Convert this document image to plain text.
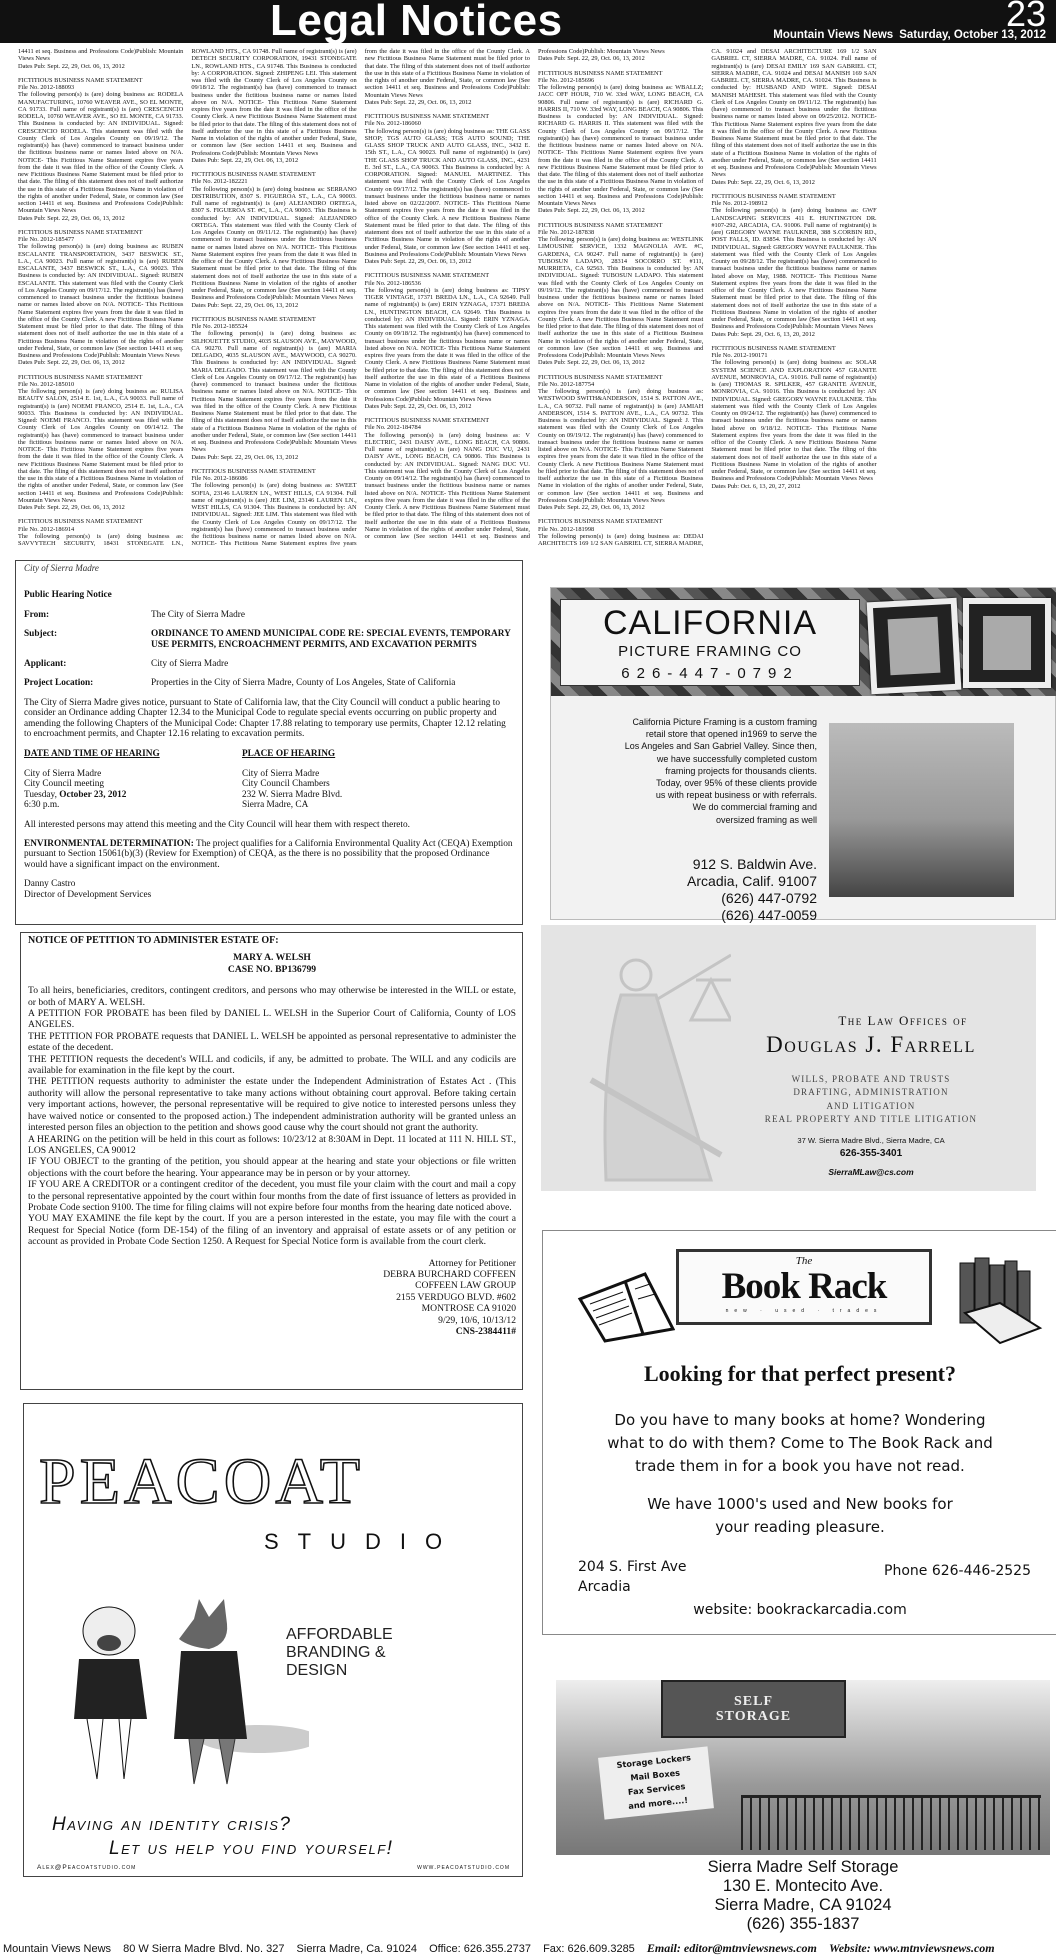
Legal Notices	23
Mountain Views News Saturday, October 13, 2012

14411 et seq. Business and Professions Code)Publish: Mountain Views News
Dates Pub: Sept. 22, 29, Oct. 06, 13, 2012

FICTITIOUS BUSINESS NAME STATEMENT
File No. 2012-188093
The following person(s) is (are) doing business as: RODELA MANUFACTURING, 10760 WEAVER AVE., SO EL MONTE, CA 91733. Full name of registrant(s) is (are) CRESCENCIO RODELA, 10760 WEAVER AVE., SO EL MONTE, CA 91733. This Business is conducted by: AN INDIVIDUAL. Signed: CRESCENCIO RODELA. This statement was filed with the County Clerk of Los Angeles County on 09/19/12. The registrant(s) has (have) commenced to transact business under the fictitious business name or names listed above on N/A. NOTICE- This Fictitious Name Statement expires five years from the date it was filed in the office of the County Clerk. A new Fictitious Business Name Statement must be filed prior to that date. The filing of this statement does not of itself authorize the use in this state of a Fictitious Business Name in violation of the rights of another under Federal, State, or common law (See section 14411 et seq. Business and Professions Code)Publish: Mountain Views News
Dates Pub: Sept. 22, 29, Oct. 06, 13, 2012

FICTITIOUS BUSINESS NAME STATEMENT
File No. 2012-185477
The following person(s) is (are) doing business as: RUBEN ESCALANTE TRANSPORTATION, 3437 BESWICK ST., L.A., CA 90023. Full name of registrant(s) is (are) RUBEN ESCALANTE, 3437 BESWICK ST., L.A., CA 90023. This Business is conducted by: AN INDIVIDUAL. Signed: RUBEN ESCALANTE. This statement was filed with the County Clerk of Los Angeles County on 09/17/12. The registrant(s) has (have) commenced to transact business under the fictitious business name or names listed above on N/A. NOTICE- This Fictitious Name Statement expires five years from the date it was filed in the office of the County Clerk. A new Fictitious Business Name Statement must be filed prior to that date. The filing of this statement does not of itself authorize the use in this state of a Fictitious Business Name in violation of the rights of another under Federal, State, or common law (See section 14411 et seq. Business and Professions Code)Publish: Mountain Views News
Dates Pub: Sept. 22, 29, Oct. 06, 13, 2012

FICTITIOUS BUSINESS NAME STATEMENT
File No. 2012-185010
The following person(s) is (are) doing business as: RULISA BEAUTY SALON, 2514 E. 1st, L.A., CA 90033. Full name of registrant(s) is (are) NOEMI FRANCO, 2514 E. 1st, L.A., CA 90033. This Business is conducted by: AN INDIVIDUAL. Signed: NOEMI FRANCO. This statement was filed with the County Clerk of Los Angeles County on 09/14/12. The registrant(s) has (have) commenced to transact business under the fictitious business name or names listed above on N/A. NOTICE- This Fictitious Name Statement expires five years from the date it was filed in the office of the County Clerk. A new Fictitious Business Name Statement must be filed prior to that date. The filing of this statement does not of itself authorize the use in this state of a Fictitious Business Name in violation of the rights of another under Federal, State, or common law (See section 14411 et seq. Business and Professions Code)Publish: Mountain Views News
Dates Pub: Sept. 22, 29, Oct. 06, 13, 2012

FICTITIOUS BUSINESS NAME STATEMENT
File No. 2012-186914
The following person(s) is (are) doing business as: SAVVYTECH SECURITY, 18431 STONEGATE LN., ROWLAND HTS., CA 91748. Full name of registrant(s) is (are) DETECH SECURITY CORPORATION, 19431 STONEGATE LN., ROWLAND HTS., CA 91748. This Business is conducted by: A CORPORATION. Signed: ZHIPENG LEI. This statement was filed with the County Clerk of Los Angeles County on 09/18/12. The registrant(s) has (have) commenced to transact business under the fictitious business name or names listed above on N/A. NOTICE- This Fictitious Name Statement expires five years from the date it was filed in the office of the County Clerk. A new Fictitious Business Name Statement must be filed prior to that date. The filing of this statement does not of itself authorize the use in this state of a Fictitious Business Name in violation of the rights of another under Federal, State, or common law (See section 14411 et seq. Business and Professions Code)Publish: Mountain Views News
Dates Pub: Sept. 22, 29, Oct. 06, 13, 2012

FICTITIOUS BUSINESS NAME STATEMENT
File No. 2012-182221
The following person(s) is (are) doing business as: SERRANO DISTRIBUTION, 8307 S. FIGUEROA ST., L.A., CA 90003. Full name of registrant(s) is (are) ALEJANDRO ORTEGA, 8307 S. FIGUEROA ST. #C, L.A., CA 90003. This Business is conducted by: AN INDIVIDUAL. Signed: ALEJANDRO ORTEGA. This statement was filed with the County Clerk of Los Angeles County on 09/11/12. The registrant(s) has (have) commenced to transact business under the fictitious business name or names listed above on N/A. NOTICE- This Fictitious Name Statement expires five years from the date it was filed in the office of the County Clerk. A new Fictitious Business Name Statement must be filed prior to that date. The filing of this statement does not of itself authorize the use in this state of a Fictitious Business Name in violation of the rights of another under Federal, State, or common law (See section 14411 et seq. Business and Professions Code)Publish: Mountain Views News
Dates Pub: Sept. 22, 29, Oct. 06, 13, 2012

FICTITIOUS BUSINESS NAME STATEMENT
File No. 2012-185524
The following person(s) is (are) doing business as: SILHOUETTE STUDIO, 4035 SLAUSON AVE., MAYWOOD, CA 90270. Full name of registrant(s) is (are) MARIA DELGADO, 4035 SLAUSON AVE., MAYWOOD, CA 90270. This Business is conducted by: AN INDIVIDUAL. Signed: MARIA DELGADO. This statement was filed with the County Clerk of Los Angeles County on 09/17/12. The registrant(s) has (have) commenced to transact business under the fictitious business name or names listed above on N/A. NOTICE- This Fictitious Name Statement expires five years from the date it was filed in the office of the County Clerk. A new Fictitious Business Name Statement must be filed prior to that date. The filing of this statement does not of itself authorize the use in this state of a Fictitious Business Name in violation of the rights of another under Federal, State, or common law (See section 14411 et seq. Business and Professions Code)Publish: Mountain Views News
Dates Pub: Sept. 22, 29, Oct. 06, 13, 2012

FICTITIOUS BUSINESS NAME STATEMENT
File No. 2012-186086
The following person(s) is (are) doing business as: SWEET SOFIA, 23146 LAUREN LN., WEST HILLS, CA 91304. Full name of registrant(s) is (are) JEE LIM, 23146 LAUREN LN., WEST HILLS, CA 91304. This Business is conducted by: AN INDIVIDUAL. Signed: JEE LIM. This statement was filed with the County Clerk of Los Angeles County on 09/17/12. The registrant(s) has (have) commenced to transact business under the fictitious business name or names listed above on N/A. NOTICE- This Fictitious Name Statement expires five years from the date it was filed in the office of the County Clerk. A new Fictitious Business Name Statement must be filed prior to that date. The filing of this statement does not of itself authorize the use in this state of a Fictitious Business Name in violation of the rights of another under Federal, State, or common law (See section 14411 et seq. Business and Professions Code)Publish: Mountain Views News
Dates Pub: Sept. 22, 29, Oct. 06, 13, 2012

FICTITIOUS BUSINESS NAME STATEMENT
File No. 2012-186060
The following person(s) is (are) doing business as: THE GLASS SHOP; TGS AUTO GLASS; TGS AUTO SOUND; THE GLASS SHOP TRUCK AND AUTO GLASS, INC., 3432 E. 15th ST., L.A., CA 90023. Full name of registrant(s) is (are) THE GLASS SHOP TRUCK AND AUTO GLASS, INC., 4231 E. 3rd ST., L.A., CA 90063. This Business is conducted by: A CORPORATION. Signed: MANUEL MARTINEZ. This statement was filed with the County Clerk of Los Angeles County on 09/17/12. The registrant(s) has (have) commenced to transact business under the fictitious business name or names listed above on 02/22/2007. NOTICE- This Fictitious Name Statement expires five years from the date it was filed in the office of the County Clerk. A new Fictitious Business Name Statement must be filed prior to that date. The filing of this statement does not of itself authorize the use in this state of a Fictitious Business Name in violation of the rights of another under Federal, State, or common law (See section 14411 et seq. Business and Professions Code)Publish: Mountain Views News
Dates Pub: Sept. 22, 29, Oct. 06, 13, 2012

FICTITIOUS BUSINESS NAME STATEMENT
File No. 2012-186536
The following person(s) is (are) doing business as: TIPSY TIGER VINTAGE, 17371 BREDA LN., L.A., CA 92649. Full name of registrant(s) is (are) ERIN YZNAGA, 17371 BREDA LN., HUNTINGTON BEACH, CA 92649. This Business is conducted by: AN INDIVIDUAL. Signed: ERIN YZNAGA. This statement was filed with the County Clerk of Los Angeles County on 09/18/12. The registrant(s) has (have) commenced to transact business under the fictitious business name or names listed above on N/A. NOTICE- This Fictitious Name Statement expires five years from the date it was filed in the office of the County Clerk. A new Fictitious Business Name Statement must be filed prior to that date. The filing of this statement does not of itself authorize the use in this state of a Fictitious Business Name in violation of the rights of another under Federal, State, or common law (See section 14411 et seq. Business and Professions Code)Publish: Mountain Views News
Dates Pub: Sept. 22, 29, Oct. 06, 13, 2012

FICTITIOUS BUSINESS NAME STATEMENT
File No. 2012-184784
The following person(s) is (are) doing business as: V ELECTRIC, 2431 DAISY AVE., LONG BEACH, CA 90806. Full name of registrant(s) is (are) NANG DUC VU, 2431 DAISY AVE., LONG BEACH, CA 90806. This Business is conducted by: AN INDIVIDUAL. Signed: NANG DUC VU. This statement was filed with the County Clerk of Los Angeles County on 09/14/12. The registrant(s) has (have) commenced to transact business under the fictitious business name or names listed above on N/A. NOTICE- This Fictitious Name Statement expires five years from the date it was filed in the office of the County Clerk. A new Fictitious Business Name Statement must be filed prior to that date. The filing of this statement does not of itself authorize the use in this state of a Fictitious Business Name in violation of the rights of another under Federal, State, or common law (See section 14411 et seq. Business and Professions Code)Publish: Mountain Views News
Dates Pub: Sept. 22, 29, Oct. 06, 13, 2012

FICTITIOUS BUSINESS NAME STATEMENT
File No. 2012-185696
The following person(s) is (are) doing business as: WBALLZ; JACC OFF HOUR, 710 W. 33rd WAY, LONG BEACH, CA 90806. Full name of registrant(s) is (are) RICHARD G. HARRIS II, 710 W. 33rd WAY, LONG BEACH, CA 90806. This Business is conducted by: AN INDIVIDUAL. Signed: RICHARD G. HARRIS II. This statement was filed with the County Clerk of Los Angeles County on 09/17/12. The registrant(s) has (have) commenced to transact business under the fictitious business name or names listed above on N/A. NOTICE- This Fictitious Name Statement expires five years from the date it was filed in the office of the County Clerk. A new Fictitious Business Name Statement must be filed prior to that date. The filing of this statement does not of itself authorize the use in this state of a Fictitious Business Name in violation of the rights of another under Federal, State, or common law (See section 14411 et seq. Business and Professions Code)Publish: Mountain Views News
Dates Pub: Sept. 22, 29, Oct. 06, 13, 2012

FICTITIOUS BUSINESS NAME STATEMENT
File No. 2012-187838
The following person(s) is (are) doing business as: WESTLINK LIMOUSINE SERVICE, 1332 MAGNOLIA AVE. #C, GARDENA, CA 90247. Full name of registrant(s) is (are) TUBOSUN LADAPO, 28314 SOCORRO ST. #111, MURRIETA, CA 92563. This Business is conducted by: AN INDIVIDUAL. Signed: TUBOSUN LADAPO. This statement was filed with the County Clerk of Los Angeles County on 09/19/12. The registrant(s) has (have) commenced to transact business under the fictitious business name or names listed above on N/A. NOTICE- This Fictitious Name Statement expires five years from the date it was filed in the office of the County Clerk. A new Fictitious Business Name Statement must be filed prior to that date. The filing of this statement does not of itself authorize the use in this state of a Fictitious Business Name in violation of the rights of another under Federal, State, or common law (See section 14411 et seq. Business and Professions Code)Publish: Mountain Views News
Dates Pub: Sept. 22, 29, Oct. 06, 13, 2012

FICTITIOUS BUSINESS NAME STATEMENT
File No. 2012-187754
The following person(s) is (are) doing business as: WESTWOOD SWITH&ANDERSON, 1514 S. PATTON AVE., L.A., CA 90732. Full name of registrant(s) is (are) JAMIAH ANDERSON, 1514 S. PATTON AVE., L.A., CA 90732. This Business is conducted by: AN INDIVIDUAL. Signed: J. This statement was filed with the County Clerk of Los Angeles County on 09/19/12. The registrant(s) has (have) commenced to transact business under the fictitious business name or names listed above on N/A. NOTICE- This Fictitious Name Statement expires five years from the date it was filed in the office of the County Clerk. A new Fictitious Business Name Statement must be filed prior to that date. The filing of this statement does not of itself authorize the use in this state of a Fictitious Business Name in violation of the rights of another under Federal, State, or common law (See section 14411 et seq. Business and Professions Code)Publish: Mountain Views News
Dates Pub: Sept. 22, 29, Oct. 06, 13, 2012

FICTITIOUS BUSINESS NAME STATEMENT
File No. 2012-181998
The following person(s) is (are) doing business as: DEDAI ARCHITECTS 169 1/2 SAN GABRIEL CT, SIERRA MADRE, CA. 91024 and DESAI ARCHITECTURE 169 1/2 SAN GABRIEL CT, SIERRA MADRE, CA. 91024. Full name of registrant(s) is (are) DESAI EMILY 169 SAN GABRIEL CT, SIERRA MADRE, CA. 91024 and DESAI MANISH 169 SAN GABRIEL CT, SIERRA MADRE, CA. 91024. This Business is conducted by: HUSBAND AND WIFE. Signed: DESAI MANISH MAHESH. This statement was filed with the County Clerk of Los Angeles County on 09/11/12. The registrant(s) has (have) commenced to transact business under the fictitious business name or names listed above on 09/25/2012. NOTICE- This Fictitious Name Statement expires five years from the date it was filed in the office of the County Clerk. A new Fictitious Business Name Statement must be filed prior to that date. The filing of this statement does not of itself authorize the use in this state of a Fictitious Business Name in violation of the rights of another under Federal, State, or common law (See section 14411 et seq. Business and Professions Code)Publish: Mountain Views News
Dates Pub: Sept. 22, 29, Oct. 6, 13, 2012

FICTITIOUS BUSINESS NAME STATEMENT
File No. 2012-198912
The following person(s) is (are) doing business as: GWF LANDSCAPING SERVICES 411 E. HUNTINGTON DR. #107-292, ARCADIA, CA. 91006. Full name of registrant(s) is (are) GREGORY WAYNE FAULKNER, 388 S.CORBIN RD., POST FALLS, ID. 83854. This Business is conducted by: AN INDIVIDUAL. Signed: GREGORY WAYNE FAULKNER. This statement was filed with the County Clerk of Los Angeles County on 09/28/12. The registrant(s) has (have) commenced to transact business under the fictitious business name or names listed above on May, 1988. NOTICE- This Fictitious Name Statement expires five years from the date it was filed in the office of the County Clerk. A new Fictitious Business Name Statement must be filed prior to that date. The filing of this statement does not of itself authorize the use in this state of a Fictitious Business Name in violation of the rights of another under Federal, State, or common law (See section 14411 et seq. Business and Professions Code)Publish: Mountain Views News
Dates Pub: Sept. 29, Oct. 6, 13, 20, 2012

FICTITIOUS BUSINESS NAME STATEMENT
File No. 2012-190171
The following person(s) is (are) doing business as: SOLAR SYSTEM SCIENCE AND EXPLORATION 457 GRANITE AVENUE, MONROVIA, CA. 91016. Full name of registrant(s) is (are) THOMAS R. SPILKER, 457 GRANITE AVENUE, MONROVIA, CA. 91016. This Business is conducted by: AN INDIVIDUAL. Signed: GREGORY WAYNE FAULKNER. This statement was filed with the County Clerk of Los Angeles County on 09/24/12. The registrant(s) has (have) commenced to transact business under the fictitious business name or names listed above on 9/18/12. NOTICE- This Fictitious Name Statement expires five years from the date it was filed in the office of the County Clerk. A new Fictitious Business Name Statement must be filed prior to that date. The filing of this statement does not of itself authorize the use in this state of a Fictitious Business Name in violation of the rights of another under Federal, State, or common law (See section 14411 et seq. Business and Professions Code)Publish: Mountain Views News
Dates Pub: Oct. 6, 13, 20, 27, 2012

City of Sierra Madre
Public Hearing Notice
From:	The City of Sierra Madre
Subject:	ORDINANCE TO AMEND MUNICIPAL CODE RE: SPECIAL EVENTS, TEMPORARY USE PERMITS, ENCROACHMENT PERMITS, AND EXCAVATION PERMITS
Applicant:	City of Sierra Madre
Project Location:	Properties in the City of Sierra Madre, County of Los Angeles, State of California

The City of Sierra Madre gives notice, pursuant to State of California law, that the City Council will conduct a public hearing to consider an Ordinance adding Chapter 12.34 to the Municipal Code to regulate special events occurring on public property and amending the following Chapters of the Municipal Code: Chapter 17.88 relating to temporary use permits, Chapter 12.12 relating to encroachment permits, and Chapter 12.16 relating to excavation permits.

DATE AND TIME OF HEARING
City of Sierra Madre
City Council meeting
Tuesday, October 23, 2012
6:30 p.m.
PLACE OF HEARING
City of Sierra Madre
City Council Chambers
232 W. Sierra Madre Blvd.
Sierra Madre, CA

All interested persons may attend this meeting and the City Council will hear them with respect thereto.

ENVIRONMENTAL DETERMINATION: The project qualifies for a California Environmental Quality Act (CEQA) Exemption pursuant to Section 15061(b)(3) (Review for Exemption) of CEQA, as the there is no possibility that the proposed Ordinance would have a significant impact on the environment.

Danny Castro
Director of Development Services

NOTICE OF PETITION TO ADMINISTER ESTATE OF:
MARY A. WELSH
CASE NO. BP136799
To all heirs, beneficiaries, creditors, contingent creditors, and persons who may otherwise be interested in the WILL or estate, or both of MARY A. WELSH.
A PETITION FOR PROBATE has been filed by DANIEL L. WELSH in the Superior Court of California, County of LOS ANGELES.
THE PETITION FOR PROBATE requests that DANIEL L. WELSH be appointed as personal representative to administer the estate of the decedent.
THE PETITION requests the decedent's WILL and codicils, if any, be admitted to probate. The WILL and any codicils are available for examination in the file kept by the court.
THE PETITION requests authority to administer the estate under the Independent Administration of Estates Act . (This authority will allow the personal representative to take many actions without obtaining court approval. Before taking certain very important actions, however, the personal representative will be required to give notice to interested persons unless they have waived notice or consented to the proposed action.) The independent administration authority will be granted unless an interested person files an objection to the petition and shows good cause why the court should not grant the authority.
A HEARING on the petition will be held in this court as follows: 10/23/12 at 8:30AM in Dept. 11 located at 111 N. HILL ST., LOS ANGELES, CA 90012
IF YOU OBJECT to the granting of the petition, you should appear at the hearing and state your objections or file written objections with the court before the hearing. Your appearance may be in person or by your attorney.
IF YOU ARE A CREDITOR or a contingent creditor of the decedent, you must file your claim with the court and mail a copy to the personal representative appointed by the court within four months from the date of first issuance of letters as provided in Probate Code section 9100. The time for filing claims will not expire before four months from the hearing date noticed above.
YOU MAY EXAMINE the file kept by the court. If you are a person interested in the estate, you may file with the court a Request for Special Notice (form DE-154) of the filing of an inventory and appraisal of estate assets or of any petition or account as provided in Probate Code Section 1250. A Request for Special Notice form is available from the court clerk.
Attorney for Petitioner
DEBRA BURCHARD COFFEEN
COFFEEN LAW GROUP
2155 VERDUGO BLVD. #602
MONTROSE CA 91020
9/29, 10/6, 10/13/12
CNS-2384411#
PEACOAT
STUDIO
AFFORDABLE
BRANDING &
DESIGN
Having an identity crisis?
Let us help you find yourself!
Alex@Peacoatstudio.com	www.peacoatstudio.com
CALIFORNIA
PICTURE FRAMING CO
626-447-0792
California Picture Framing is a custom framing
retail store that opened in1969 to serve the
Los Angeles and San Gabriel Valley. Since then,
we have successfully completed custom
framing projects for thousands clients.
Today, over 95% of these clients provide
us with repeat business or with referrals.
We do commercial framing and
oversized framing as well
912 S. Baldwin Ave.
Arcadia, Calif. 91007
(626) 447-0792
(626) 447-0059
The Law Offices of
Douglas J. Farrell
WILLS, PROBATE AND TRUSTS
DRAFTING, ADMINISTRATION
AND LITIGATION
REAL PROPERTY AND TITLE LITIGATION
37 W. Sierra Madre Blvd., Sierra Madre, CA
626-355-3401
SierraMLaw@cs.com
The
Book Rack
new · used · trades
Looking for that perfect present?
Do you have to many books at home? Wondering
what to do with them? Come to The Book Rack and
trade them in for a book you have not read.
We have 1000's used and New books for
your reading pleasure.
204 S. First Ave
Arcadia
Phone 626-446-2525
website: bookrackarcadia.com
SELF
STORAGE
Storage Lockers
Mail Boxes
Fax Services
and more....!
Sierra Madre Self Storage
130 E. Montecito Ave.
Sierra Madre, CA 91024
(626) 355-1837
Mountain Views News 80 W Sierra Madre Blvd. No. 327 Sierra Madre, Ca. 91024 Office: 626.355.2737 Fax: 626.609.3285 Email: editor@mtnviewsnews.com Website: www.mtnviewsnews.com
